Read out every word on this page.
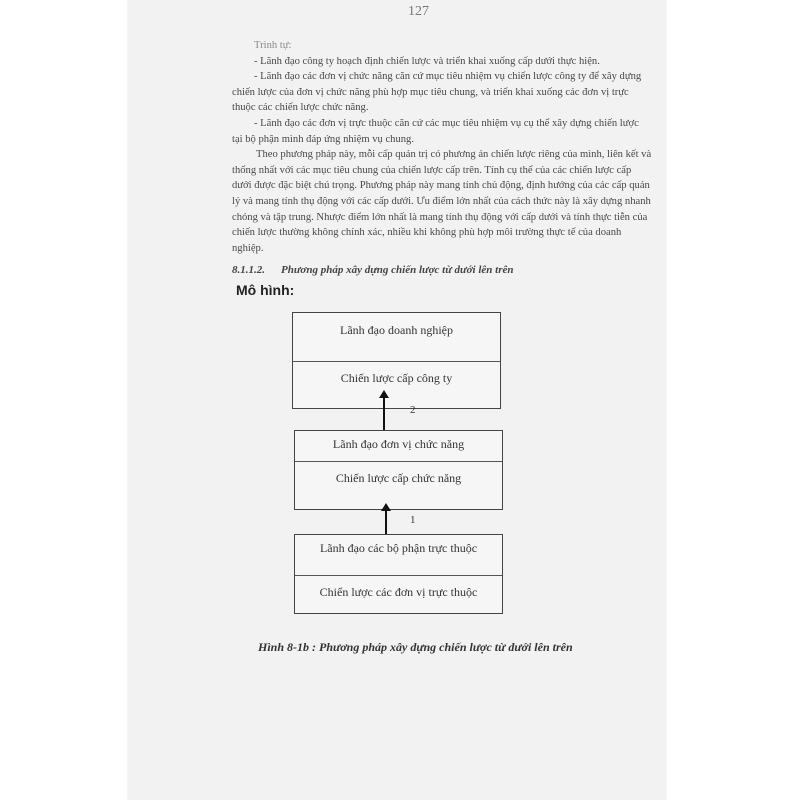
127

Trình tự:

- Lãnh đạo công ty hoạch định chiến lược và triển khai xuống cấp dưới thực hiện.

- Lãnh đạo các đơn vị chức năng căn cứ mục tiêu nhiệm vụ chiến lược công ty để xây dựng chiến lược của đơn vị chức năng phù hợp mục tiêu chung, và triển khai xuống các đơn vị trực thuộc các chiến lược chức năng.

- Lãnh đạo các đơn vị trực thuộc căn cứ các mục tiêu nhiệm vụ cụ thể xây dựng chiến lược tại bộ phận mình đáp ứng nhiệm vụ chung.

Theo phương pháp này, mỗi cấp quản trị có phương án chiến lược riêng của mình, liên kết và thống nhất với các mục tiêu chung của chiến lược cấp trên. Tính cụ thể của các chiến lược cấp dưới được đặc biệt chú trọng. Phương pháp này mang tính chủ động, định hướng của các cấp quản lý và mang tính thụ động với các cấp dưới. Ưu điểm lớn nhất của cách thức này là xây dựng nhanh chóng và tập trung. Nhược điểm lớn nhất là mang tính thụ động với cấp dưới và tính thực tiễn của chiến lược thường không chính xác, nhiều khi không phù hợp môi trường thực tế của doanh nghiệp.

8.1.1.2. Phương pháp xây dựng chiến lược từ dưới lên trên
Mô hình:
Lãnh đạo doanh nghiệp
Chiến lược cấp công ty
2
Lãnh đạo đơn vị chức năng
Chiến lược cấp chức năng
1
Lãnh đạo các bộ phận trực thuộc
Chiến lược các đơn vị trực thuộc
Hình 8-1b : Phương pháp xây dựng chiến lược từ dưới lên trên
